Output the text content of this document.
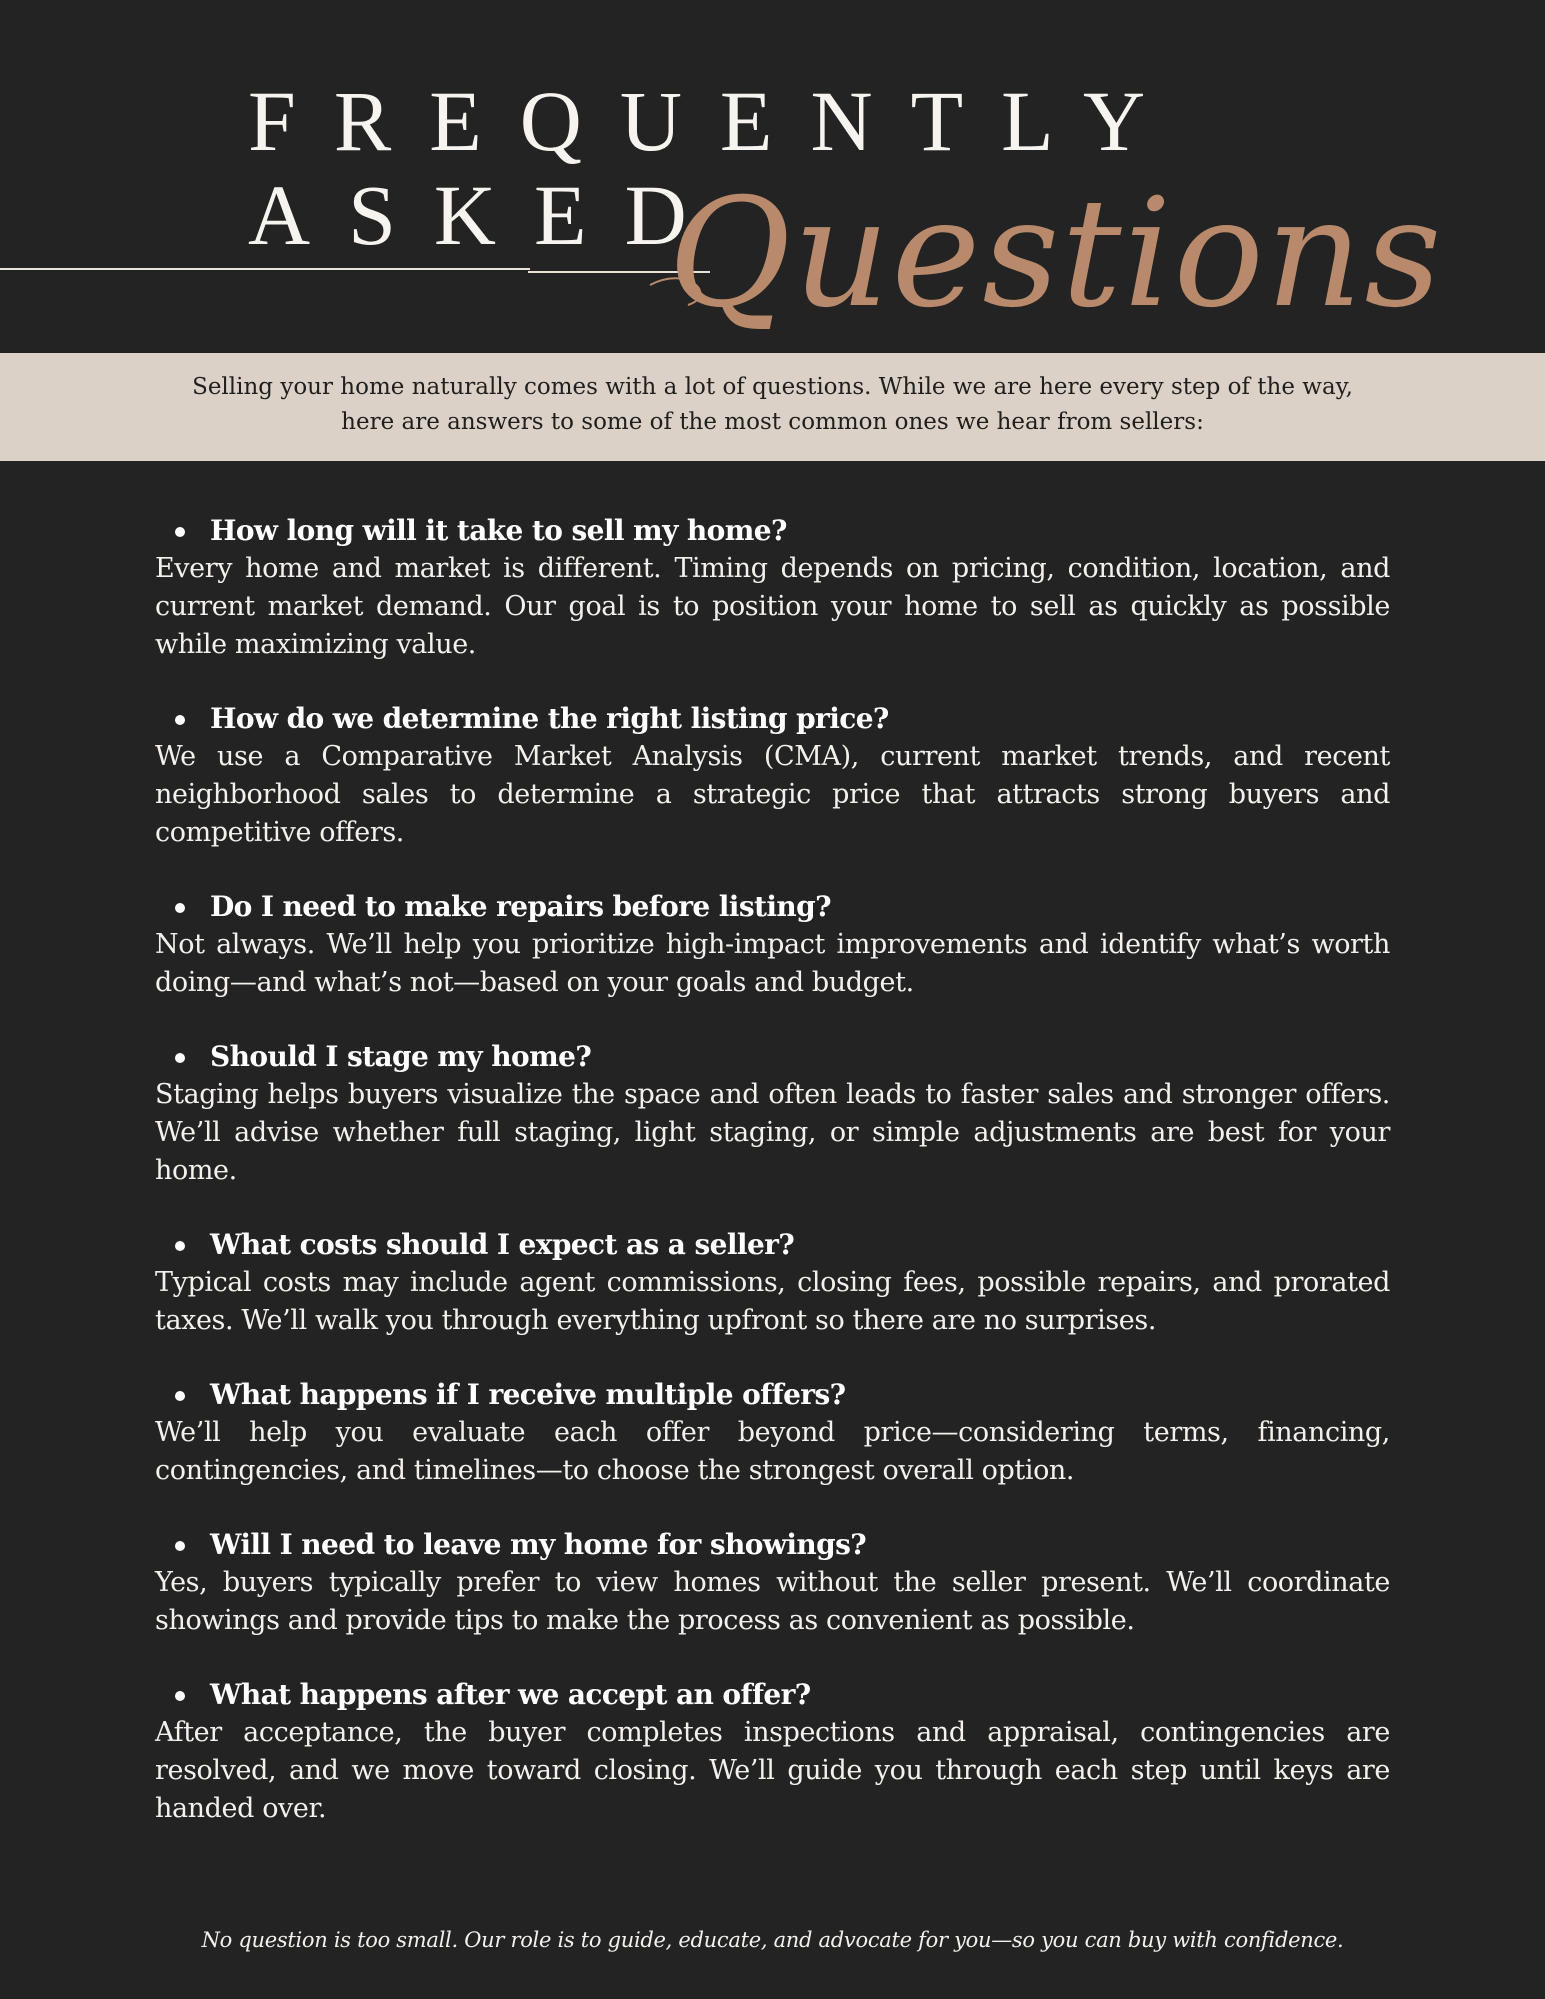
FREQUENTLY
ASKED
Questions
Selling your home naturally comes with a lot of questions. While we are here every step of the way,
here are answers to some of the most common ones we hear from sellers:
How long will it take to sell my home?
Every home and market is different. Timing depends on pricing, condition, location, and current market demand. Our goal is to position your home to sell as quickly as possible while maximizing value.
How do we determine the right listing price?
We use a Comparative Market Analysis (CMA), current market trends, and recent neighborhood sales to determine a strategic price that attracts strong buyers and competitive offers.
Do I need to make repairs before listing?
Not always. We’ll help you prioritize high-impact improvements and identify what’s worth doing—and what’s not—based on your goals and budget.
Should I stage my home?
Staging helps buyers visualize the space and often leads to faster sales and stronger offers. We’ll advise whether full staging, light staging, or simple adjustments are best for your home.
What costs should I expect as a seller?
Typical costs may include agent commissions, closing fees, possible repairs, and prorated taxes. We’ll walk you through everything upfront so there are no surprises.
What happens if I receive multiple offers?
We’ll help you evaluate each offer beyond price—considering terms, financing, contingencies, and timelines—to choose the strongest overall option.
Will I need to leave my home for showings?
Yes, buyers typically prefer to view homes without the seller present. We’ll coordinate showings and provide tips to make the process as convenient as possible.
What happens after we accept an offer?
After acceptance, the buyer completes inspections and appraisal, contingencies are resolved, and we move toward closing. We’ll guide you through each step until keys are handed over.
No question is too small. Our role is to guide, educate, and advocate for you—so you can buy with confidence.
